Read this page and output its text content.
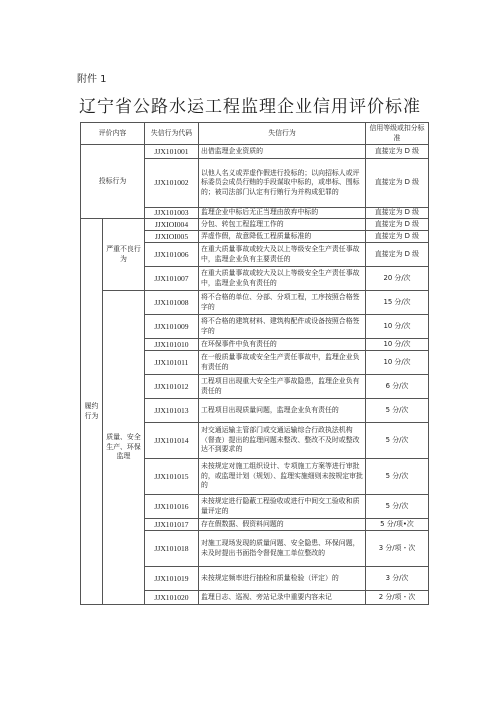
附件 1
辽宁省公路水运工程监理企业信用评价标准
评价内容		失信行为代码	失信行为	信用等级或扣分标准
投标行为		JJX101001	出借监理企业资质的	直接定为 D 级
		JJX101002	以他人名义或弄虚作假进行投标的；以向招标人或评标委员会成员行贿的手段谋取中标的，或串标、围标的；被司法部门认定有行贿行为并构成犯罪的	直接定为 D 级
		JJX101003	监理企业中标后无正当理由放弃中标的	直接定为 D 级
履约行为	严重不良行为	JJXIOI004	分包、转包工程监理工作的	直接定为 D 级
		JJXIOI005	弄虚作假，故意降低工程质量标准的	直接定为 D 级
		JJX101006	在重大质量事故或较大及以上等级安全生产责任事故中，监理企业负有主要责任的	直接定为 D 级
		JJX101007	在重大质量事故或较大及以上等级安全生产责任事故中，监理企业负有责任的	20 分/次
	质量、安全生产、环保监理	JJX101008	将不合格的单位、分部、分项工程，工序按照合格签字的	15 分/次
		JJX101009	将不合格的建筑材料、建筑构配件或设备按照合格签字的	10 分/次
		JJX101010	在环保事件中负有责任的	10 分/次
		JJX101011	在一般质量事故或安全生产责任事故中，监理企业负有责任的	10 分/次
		JJX101012	工程项目出现重大安全生产事故隐患，监理企业负有责任的	6 分/次
		JJX101013	工程项目出现质量问题，监理企业负有责任的	5 分/次
		JJX101014	对交通运输主管部门或交通运输综合行政执法机构（督查）提出的监理问题未整改、整改不及时或整改达不到要求的	5 分/次
		JJX101015	未按规定对施工组织设计、专项施工方案等进行审批的，或监理计划（规划）、监理实施细则未按规定审批的	5 分/次
		JJX101016	未按规定进行隐蔽工程验收或进行中间交工验收和质量评定的	5 分/次
		JJX101017	存在假数据、假资料问题的	5 分/项•次
		JJX101018	对施工现场发现的质量问题、安全隐患、环保问题，未及时提出书面指令督促施工单位整改的	3 分/项・次
		JJX101019	未按规定频率进行抽检和质量检验（评定）的	3 分/次
		JJX101020	监理日志、巡视、旁站记录中重要内容未记	2 分/项・次
